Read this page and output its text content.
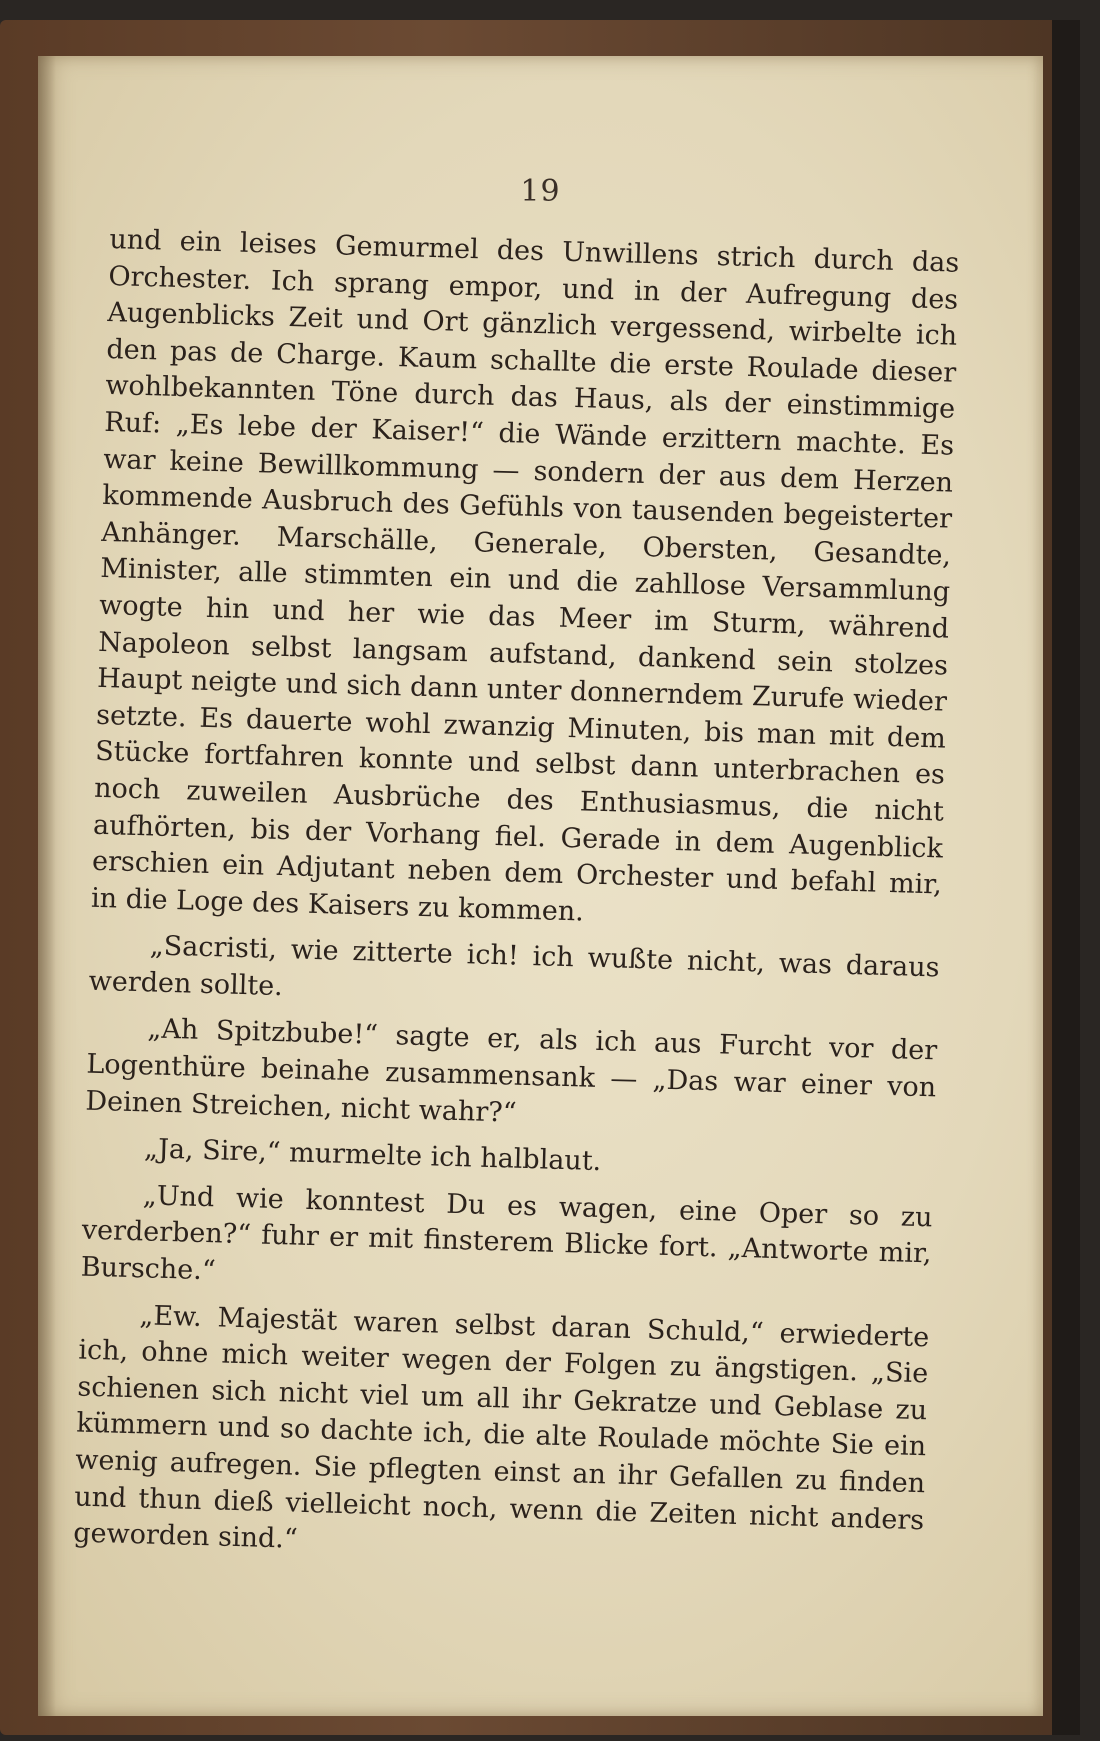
19

und ein leises Gemurmel des Unwillens strich durch das Orchester. Ich sprang empor, und in der Aufregung des Augenblicks Zeit und Ort gänzlich vergessend, wirbelte ich den pas de Charge. Kaum schallte die erste Roulade dieser wohlbekannten Töne durch das Haus, als der einstimmige Ruf: „Es lebe der Kaiser!“ die Wände erzittern machte. Es war keine Bewillkommung — sondern der aus dem Herzen kommende Ausbruch des Gefühls von tausenden begeisterter Anhänger. Marschälle, Generale, Obersten, Gesandte, Minister, alle stimmten ein und die zahllose Versammlung wogte hin und her wie das Meer im Sturm, während Napoleon selbst langsam aufstand, dankend sein stolzes Haupt neigte und sich dann unter donnerndem Zurufe wieder setzte. Es dauerte wohl zwanzig Minuten, bis man mit dem Stücke fortfahren konnte und selbst dann unterbrachen es noch zuweilen Ausbrüche des Enthusiasmus, die nicht aufhörten, bis der Vorhang fiel. Gerade in dem Augenblick erschien ein Adjutant neben dem Orchester und befahl mir, in die Loge des Kaisers zu kommen.

„Sacristi, wie zitterte ich! ich wußte nicht, was daraus werden sollte.

„Ah Spitzbube!“ sagte er, als ich aus Furcht vor der Logenthüre beinahe zusammensank — „Das war einer von Deinen Streichen, nicht wahr?“

„Ja, Sire,“ murmelte ich halblaut.

„Und wie konntest Du es wagen, eine Oper so zu verderben?“ fuhr er mit finsterem Blicke fort. „Antworte mir, Bursche.“

„Ew. Majestät waren selbst daran Schuld,“ erwiederte ich, ohne mich weiter wegen der Folgen zu ängstigen. „Sie schienen sich nicht viel um all ihr Gekratze und Geblase zu kümmern und so dachte ich, die alte Roulade möchte Sie ein wenig aufregen. Sie pflegten einst an ihr Gefallen zu finden und thun dieß vielleicht noch, wenn die Zeiten nicht anders geworden sind.“
